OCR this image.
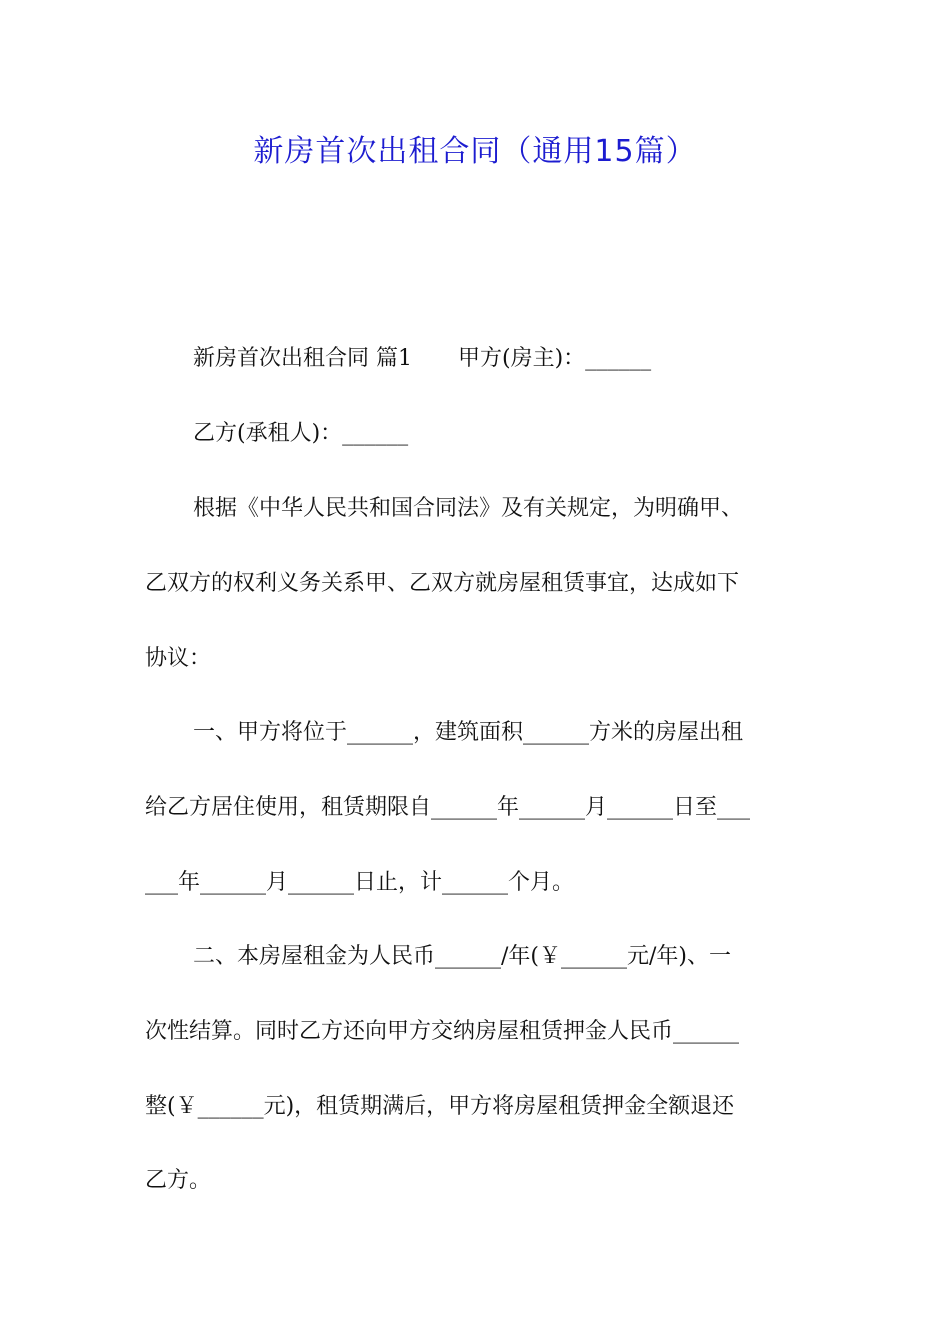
新房首次出租合同（通用15篇）
新房首次出租合同 篇1 甲方(房主)：______
乙方(承租人)：______
根据《中华人民共和国合同法》及有关规定，为明确甲、
乙双方的权利义务关系甲、乙双方就房屋租赁事宜，达成如下
协议：
一、甲方将位于______，建筑面积______方米的房屋出租
给乙方居住使用，租赁期限自______年______月______日至___
___年______月______日止，计______个月。
二、本房屋租金为人民币______/年(￥______元/年)、一
次性结算。同时乙方还向甲方交纳房屋租赁押金人民币______
整(￥______元)，租赁期满后，甲方将房屋租赁押金全额退还
乙方。
